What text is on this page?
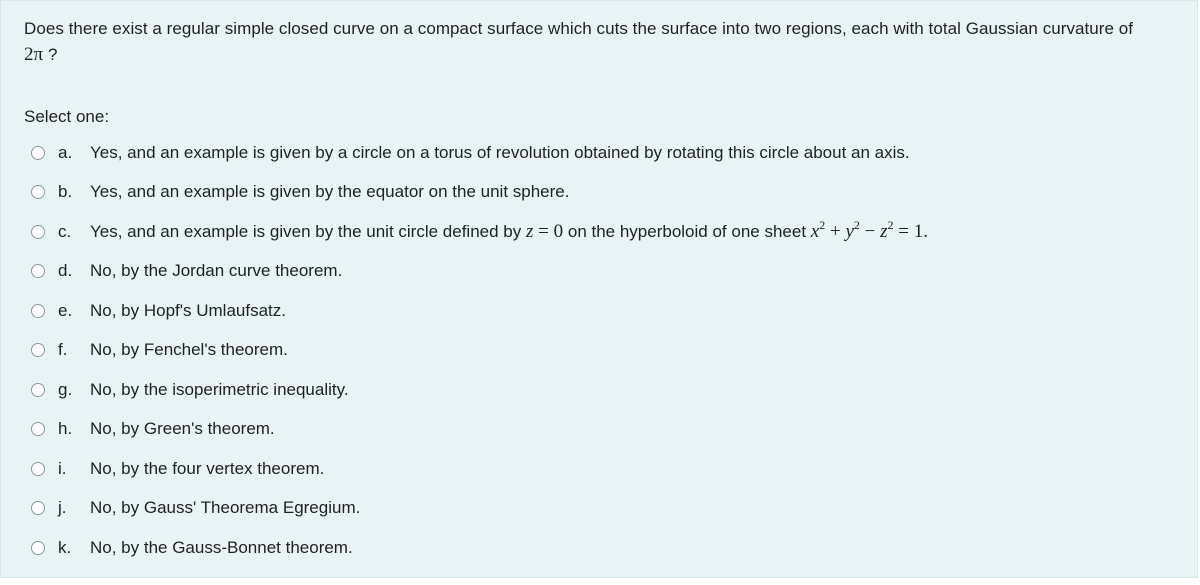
Does there exist a regular simple closed curve on a compact surface which cuts the surface into two regions, each with total Gaussian curvature of
2π ?
Select one:
a.	Yes, and an example is given by a circle on a torus of revolution obtained by rotating this circle about an axis.
b.	Yes, and an example is given by the equator on the unit sphere.
c.	Yes, and an example is given by the unit circle defined by z = 0 on the hyperboloid of one sheet $x^2 + y^2 - z^2 = 1$.
d.	No, by the Jordan curve theorem.
e.	No, by Hopf's Umlaufsatz.
f.	No, by Fenchel's theorem.
g.	No, by the isoperimetric inequality.
h.	No, by Green's theorem.
i.	No, by the four vertex theorem.
j.	No, by Gauss' Theorema Egregium.
k.	No, by the Gauss-Bonnet theorem.
